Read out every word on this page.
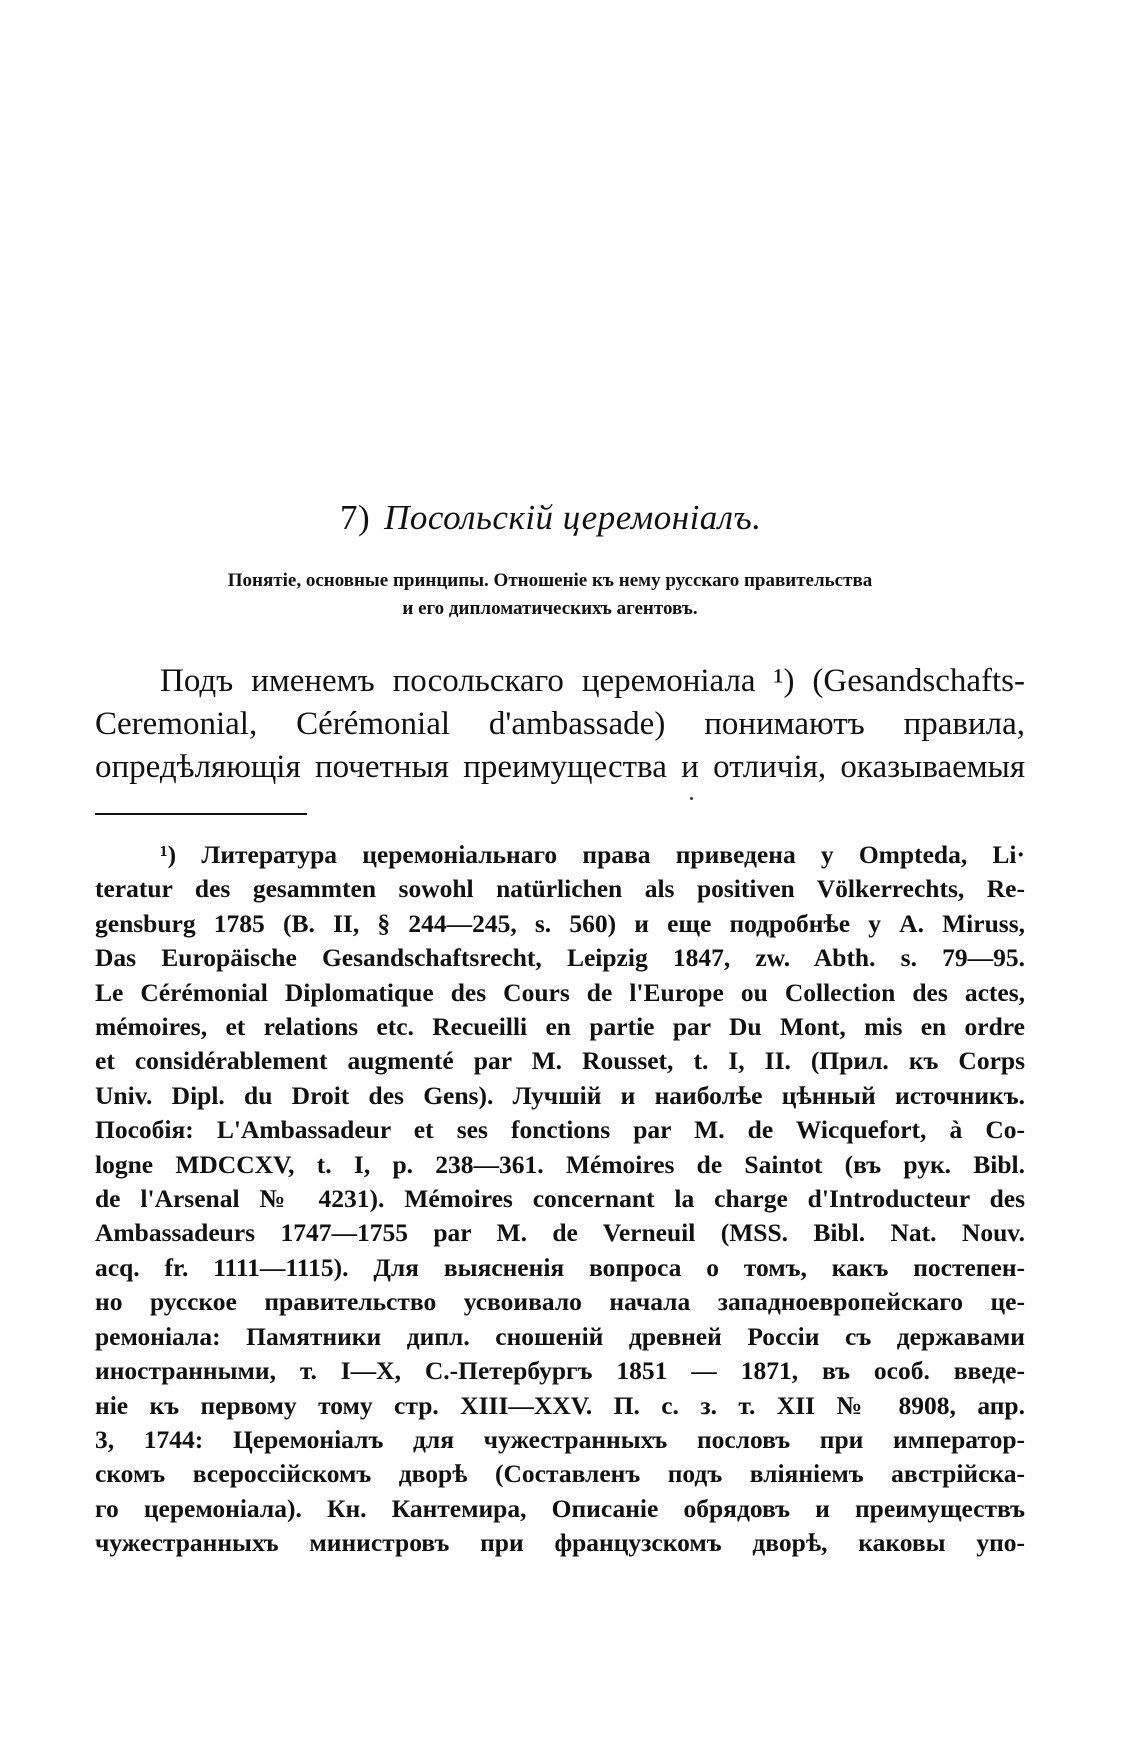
7) Посольскій церемоніалъ.
Понятіе, основные принципы. Отношеніе къ нему русскаго правительства
и его дипломатическихъ агентовъ.
Подъ именемъ посольскаго церемоніала ¹) (Gesandschafts-
Ceremonial, Cérémonial d'ambassade) понимаютъ правила,
опредѣляющія почетныя преимущества и отличія, оказываемыя
¹) Литература церемоніальнаго права приведена у Ompteda, Li·
teratur des gesammten sowohl natürlichen als positiven Völkerrechts, Re-
gensburg 1785 (B. II, § 244—245, s. 560) и еще подробнѣе у A. Miruss,
Das Europäische Gesandschaftsrecht, Leipzig 1847, zw. Abth. s. 79—95.
Le Cérémonial Diplomatique des Cours de l'Europe ou Collection des actes,
mémoires, et relations etc. Recueilli en partie par Du Mont, mis en ordre
et considérablement augmenté par M. Rousset, t. I, II. (Прил. къ Corps
Univ. Dipl. du Droit des Gens). Лучшій и наиболѣе цѣнный источникъ.
Пособія: L'Ambassadeur et ses fonctions par M. de Wicquefort, à Co-
logne MDCCXV, t. I, p. 238—361. Mémoires de Saintot (въ рук. Bibl.
de l'Arsenal № 4231). Mémoires concernant la charge d'Introducteur des
Ambassadeurs 1747—1755 par M. de Verneuil (MSS. Bibl. Nat. Nouv.
acq. fr. 1111—1115). Для выясненія вопроса о томъ, какъ постепен-
но русское правительство усвоивало начала западноевропейскаго це-
ремоніала: Памятники дипл. сношеній древней Россіи съ державами
иностранными, т. I—X, С.-Петербургъ 1851 — 1871, въ особ. введе-
ніе къ первому тому стр. XIII—XXV. П. с. з. т. XII № 8908, апр.
3, 1744: Церемоніалъ для чужестранныхъ пословъ при император-
скомъ всероссійскомъ дворѣ (Составленъ подъ вліяніемъ австрійска-
го церемоніала). Кн. Кантемира, Описаніе обрядовъ и преимуществъ
чужестранныхъ министровъ при французскомъ дворѣ, каковы упо-
